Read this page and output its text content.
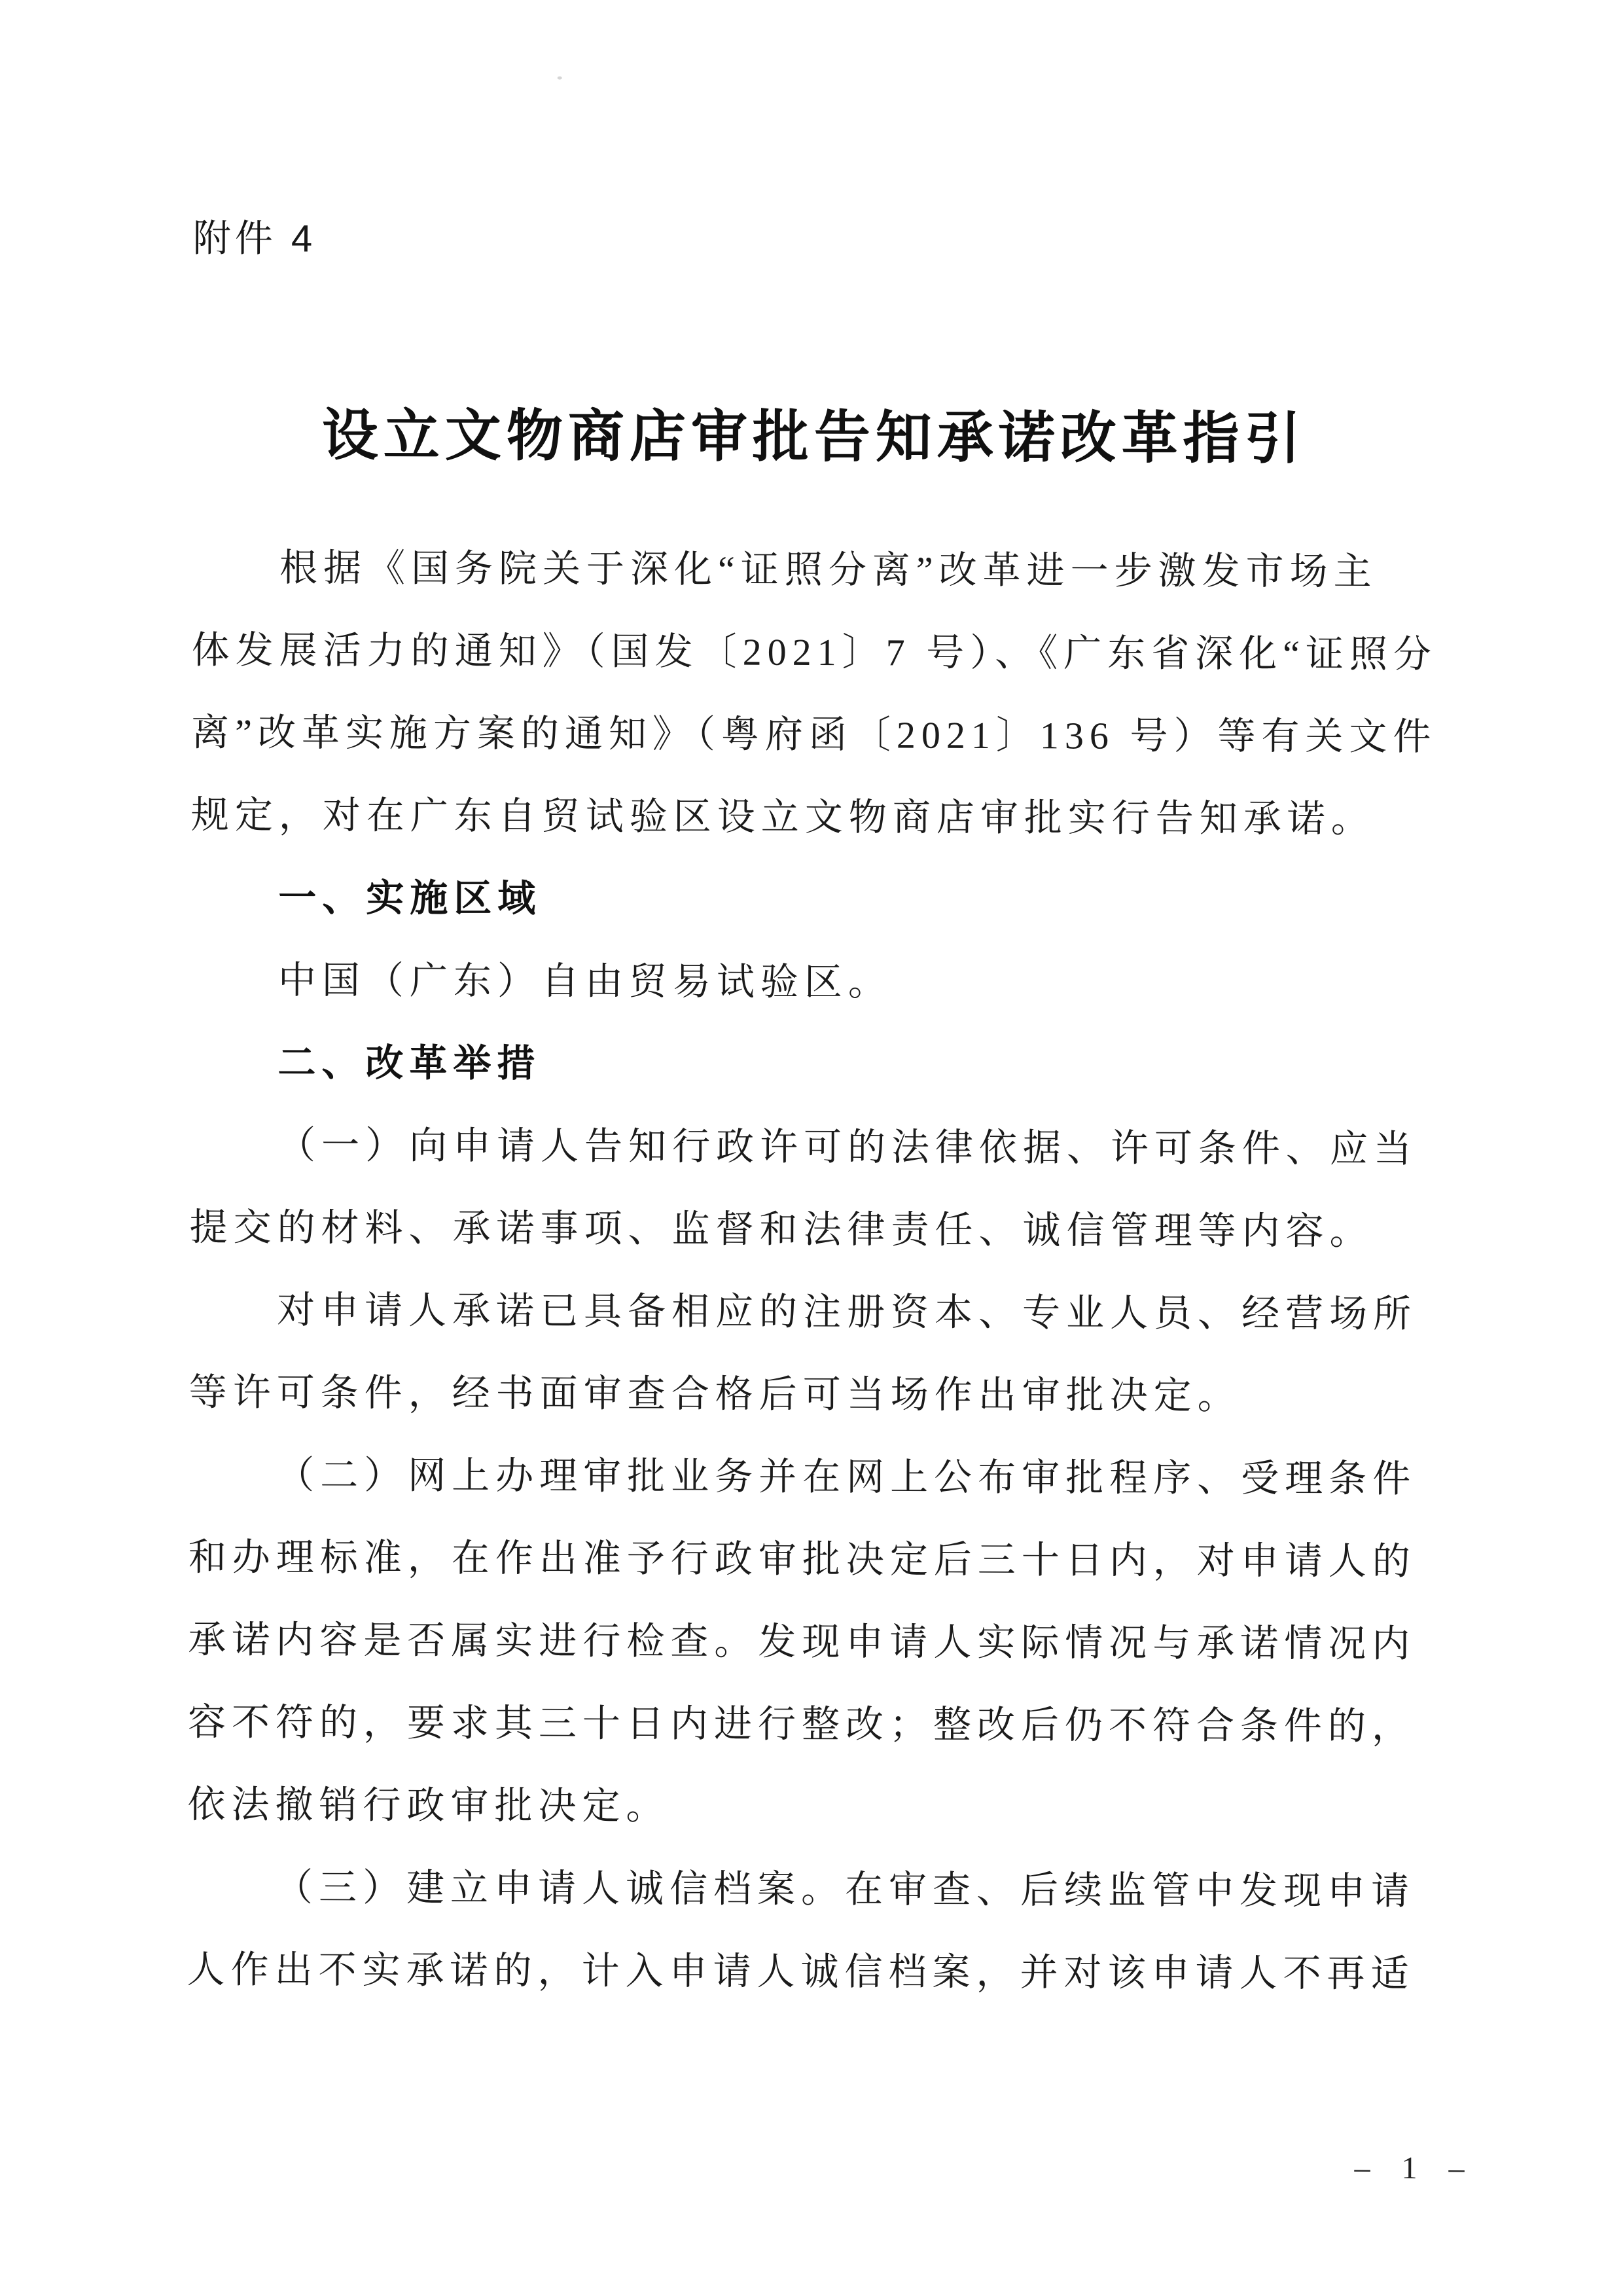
附件 4
设立文物商店审批告知承诺改革指引
根据《国务院关于深化“证照分离”改革进一步激发市场主
体发展活力的通知》（国发〔2021〕7 号）、《广东省深化“证照分
离”改革实施方案的通知》（粤府函〔2021〕136 号）等有关文件
规定，对在广东自贸试验区设立文物商店审批实行告知承诺。
一、实施区域
中国（广东）自由贸易试验区。
二、改革举措
（一）向申请人告知行政许可的法律依据、许可条件、应当
提交的材料、承诺事项、监督和法律责任、诚信管理等内容。
对申请人承诺已具备相应的注册资本、专业人员、经营场所
等许可条件，经书面审查合格后可当场作出审批决定。
（二）网上办理审批业务并在网上公布审批程序、受理条件
和办理标准，在作出准予行政审批决定后三十日内，对申请人的
承诺内容是否属实进行检查。发现申请人实际情况与承诺情况内
容不符的，要求其三十日内进行整改；整改后仍不符合条件的，
依法撤销行政审批决定。
（三）建立申请人诚信档案。在审查、后续监管中发现申请
人作出不实承诺的，计入申请人诚信档案，并对该申请人不再适
– 1 –
